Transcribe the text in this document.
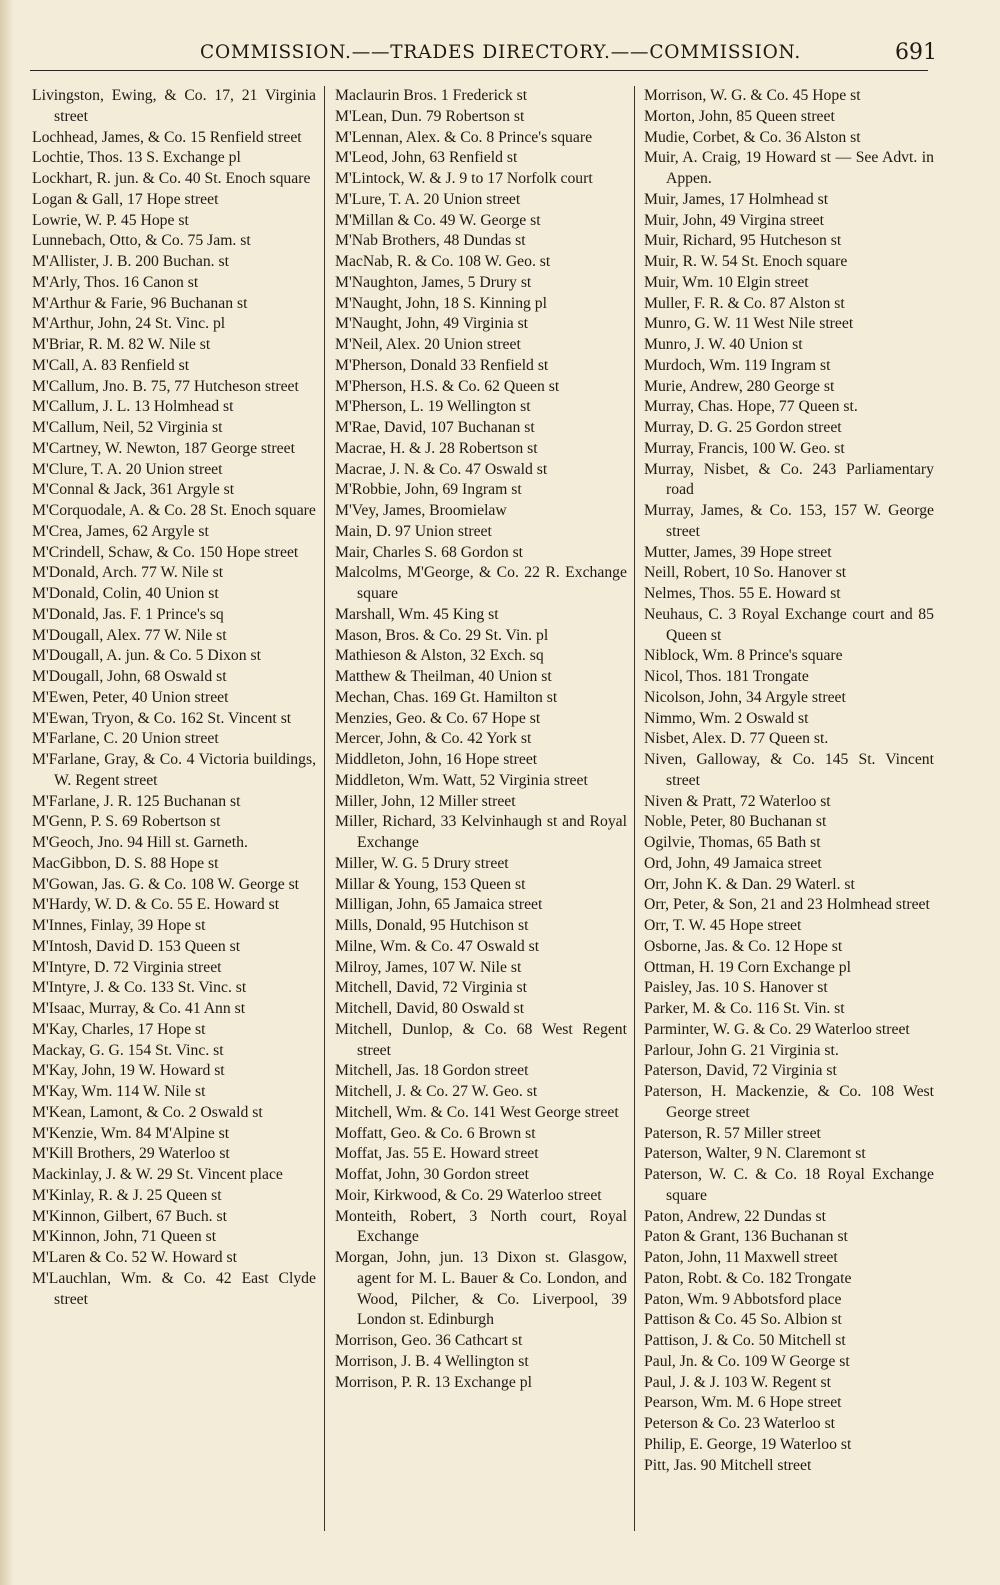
COMMISSION.——TRADES DIRECTORY.——COMMISSION.	691
Livingston, Ewing, & Co. 17, 21 Virginia street
Lochhead, James, & Co. 15 Renfield street
Lochtie, Thos. 13 S. Exchange pl
Lockhart, R. jun. & Co. 40 St. Enoch square
Logan & Gall, 17 Hope street
Lowrie, W. P. 45 Hope st
Lunnebach, Otto, & Co. 75 Jam. st
M'Allister, J. B. 200 Buchan. st
M'Arly, Thos. 16 Canon st
M'Arthur & Farie, 96 Buchanan st
M'Arthur, John, 24 St. Vinc. pl
M'Briar, R. M. 82 W. Nile st
M'Call, A. 83 Renfield st
M'Callum, Jno. B. 75, 77 Hutcheson street
M'Callum, J. L. 13 Holmhead st
M'Callum, Neil, 52 Virginia st
M'Cartney, W. Newton, 187 George street
M'Clure, T. A. 20 Union street
M'Connal & Jack, 361 Argyle st
M'Corquodale, A. & Co. 28 St. Enoch square
M'Crea, James, 62 Argyle st
M'Crindell, Schaw, & Co. 150 Hope street
M'Donald, Arch. 77 W. Nile st
M'Donald, Colin, 40 Union st
M'Donald, Jas. F. 1 Prince's sq
M'Dougall, Alex. 77 W. Nile st
M'Dougall, A. jun. & Co. 5 Dixon st
M'Dougall, John, 68 Oswald st
M'Ewen, Peter, 40 Union street
M'Ewan, Tryon, & Co. 162 St. Vincent st
M'Farlane, C. 20 Union street
M'Farlane, Gray, & Co. 4 Victoria buildings, W. Regent street
M'Farlane, J. R. 125 Buchanan st
M'Genn, P. S. 69 Robertson st
M'Geoch, Jno. 94 Hill st. Garneth.
MacGibbon, D. S. 88 Hope st
M'Gowan, Jas. G. & Co. 108 W. George st
M'Hardy, W. D. & Co. 55 E. Howard st
M'Innes, Finlay, 39 Hope st
M'Intosh, David D. 153 Queen st
M'Intyre, D. 72 Virginia street
M'Intyre, J. & Co. 133 St. Vinc. st
M'Isaac, Murray, & Co. 41 Ann st
M'Kay, Charles, 17 Hope st
Mackay, G. G. 154 St. Vinc. st
M'Kay, John, 19 W. Howard st
M'Kay, Wm. 114 W. Nile st
M'Kean, Lamont, & Co. 2 Oswald st
M'Kenzie, Wm. 84 M'Alpine st
M'Kill Brothers, 29 Waterloo st
Mackinlay, J. & W. 29 St. Vincent place
M'Kinlay, R. & J. 25 Queen st
M'Kinnon, Gilbert, 67 Buch. st
M'Kinnon, John, 71 Queen st
M'Laren & Co. 52 W. Howard st
M'Lauchlan, Wm. & Co. 42 East Clyde street
Maclaurin Bros. 1 Frederick st
M'Lean, Dun. 79 Robertson st
M'Lennan, Alex. & Co. 8 Prince's square
M'Leod, John, 63 Renfield st
M'Lintock, W. & J. 9 to 17 Norfolk court
M'Lure, T. A. 20 Union street
M'Millan & Co. 49 W. George st
M'Nab Brothers, 48 Dundas st
MacNab, R. & Co. 108 W. Geo. st
M'Naughton, James, 5 Drury st
M'Naught, John, 18 S. Kinning pl
M'Naught, John, 49 Virginia st
M'Neil, Alex. 20 Union street
M'Pherson, Donald 33 Renfield st
M'Pherson, H.S. & Co. 62 Queen st
M'Pherson, L. 19 Wellington st
M'Rae, David, 107 Buchanan st
Macrae, H. & J. 28 Robertson st
Macrae, J. N. & Co. 47 Oswald st
M'Robbie, John, 69 Ingram st
M'Vey, James, Broomielaw
Main, D. 97 Union street
Mair, Charles S. 68 Gordon st
Malcolms, M'George, & Co. 22 R. Exchange square
Marshall, Wm. 45 King st
Mason, Bros. & Co. 29 St. Vin. pl
Mathieson & Alston, 32 Exch. sq
Matthew & Theilman, 40 Union st
Mechan, Chas. 169 Gt. Hamilton st
Menzies, Geo. & Co. 67 Hope st
Mercer, John, & Co. 42 York st
Middleton, John, 16 Hope street
Middleton, Wm. Watt, 52 Virginia street
Miller, John, 12 Miller street
Miller, Richard, 33 Kelvinhaugh st and Royal Exchange
Miller, W. G. 5 Drury street
Millar & Young, 153 Queen st
Milligan, John, 65 Jamaica street
Mills, Donald, 95 Hutchison st
Milne, Wm. & Co. 47 Oswald st
Milroy, James, 107 W. Nile st
Mitchell, David, 72 Virginia st
Mitchell, David, 80 Oswald st
Mitchell, Dunlop, & Co. 68 West Regent street
Mitchell, Jas. 18 Gordon street
Mitchell, J. & Co. 27 W. Geo. st
Mitchell, Wm. & Co. 141 West George street
Moffatt, Geo. & Co. 6 Brown st
Moffat, Jas. 55 E. Howard street
Moffat, John, 30 Gordon street
Moir, Kirkwood, & Co. 29 Waterloo street
Monteith, Robert, 3 North court, Royal Exchange
Morgan, John, jun. 13 Dixon st. Glasgow, agent for M. L. Bauer & Co. London, and Wood, Pilcher, & Co. Liverpool, 39 London st. Edinburgh
Morrison, Geo. 36 Cathcart st
Morrison, J. B. 4 Wellington st
Morrison, P. R. 13 Exchange pl
Morrison, W. G. & Co. 45 Hope st
Morton, John, 85 Queen street
Mudie, Corbet, & Co. 36 Alston st
Muir, A. Craig, 19 Howard st — See Advt. in Appen.
Muir, James, 17 Holmhead st
Muir, John, 49 Virgina street
Muir, Richard, 95 Hutcheson st
Muir, R. W. 54 St. Enoch square
Muir, Wm. 10 Elgin street
Muller, F. R. & Co. 87 Alston st
Munro, G. W. 11 West Nile street
Munro, J. W. 40 Union st
Murdoch, Wm. 119 Ingram st
Murie, Andrew, 280 George st
Murray, Chas. Hope, 77 Queen st.
Murray, D. G. 25 Gordon street
Murray, Francis, 100 W. Geo. st
Murray, Nisbet, & Co. 243 Parliamentary road
Murray, James, & Co. 153, 157 W. George street
Mutter, James, 39 Hope street
Neill, Robert, 10 So. Hanover st
Nelmes, Thos. 55 E. Howard st
Neuhaus, C. 3 Royal Exchange court and 85 Queen st
Niblock, Wm. 8 Prince's square
Nicol, Thos. 181 Trongate
Nicolson, John, 34 Argyle street
Nimmo, Wm. 2 Oswald st
Nisbet, Alex. D. 77 Queen st.
Niven, Galloway, & Co. 145 St. Vincent street
Niven & Pratt, 72 Waterloo st
Noble, Peter, 80 Buchanan st
Ogilvie, Thomas, 65 Bath st
Ord, John, 49 Jamaica street
Orr, John K. & Dan. 29 Waterl. st
Orr, Peter, & Son, 21 and 23 Holmhead street
Orr, T. W. 45 Hope street
Osborne, Jas. & Co. 12 Hope st
Ottman, H. 19 Corn Exchange pl
Paisley, Jas. 10 S. Hanover st
Parker, M. & Co. 116 St. Vin. st
Parminter, W. G. & Co. 29 Waterloo street
Parlour, John G. 21 Virginia st.
Paterson, David, 72 Virginia st
Paterson, H. Mackenzie, & Co. 108 West George street
Paterson, R. 57 Miller street
Paterson, Walter, 9 N. Claremont st
Paterson, W. C. & Co. 18 Royal Exchange square
Paton, Andrew, 22 Dundas st
Paton & Grant, 136 Buchanan st
Paton, John, 11 Maxwell street
Paton, Robt. & Co. 182 Trongate
Paton, Wm. 9 Abbotsford place
Pattison & Co. 45 So. Albion st
Pattison, J. & Co. 50 Mitchell st
Paul, Jn. & Co. 109 W George st
Paul, J. & J. 103 W. Regent st
Pearson, Wm. M. 6 Hope street
Peterson & Co. 23 Waterloo st
Philip, E. George, 19 Waterloo st
Pitt, Jas. 90 Mitchell street
